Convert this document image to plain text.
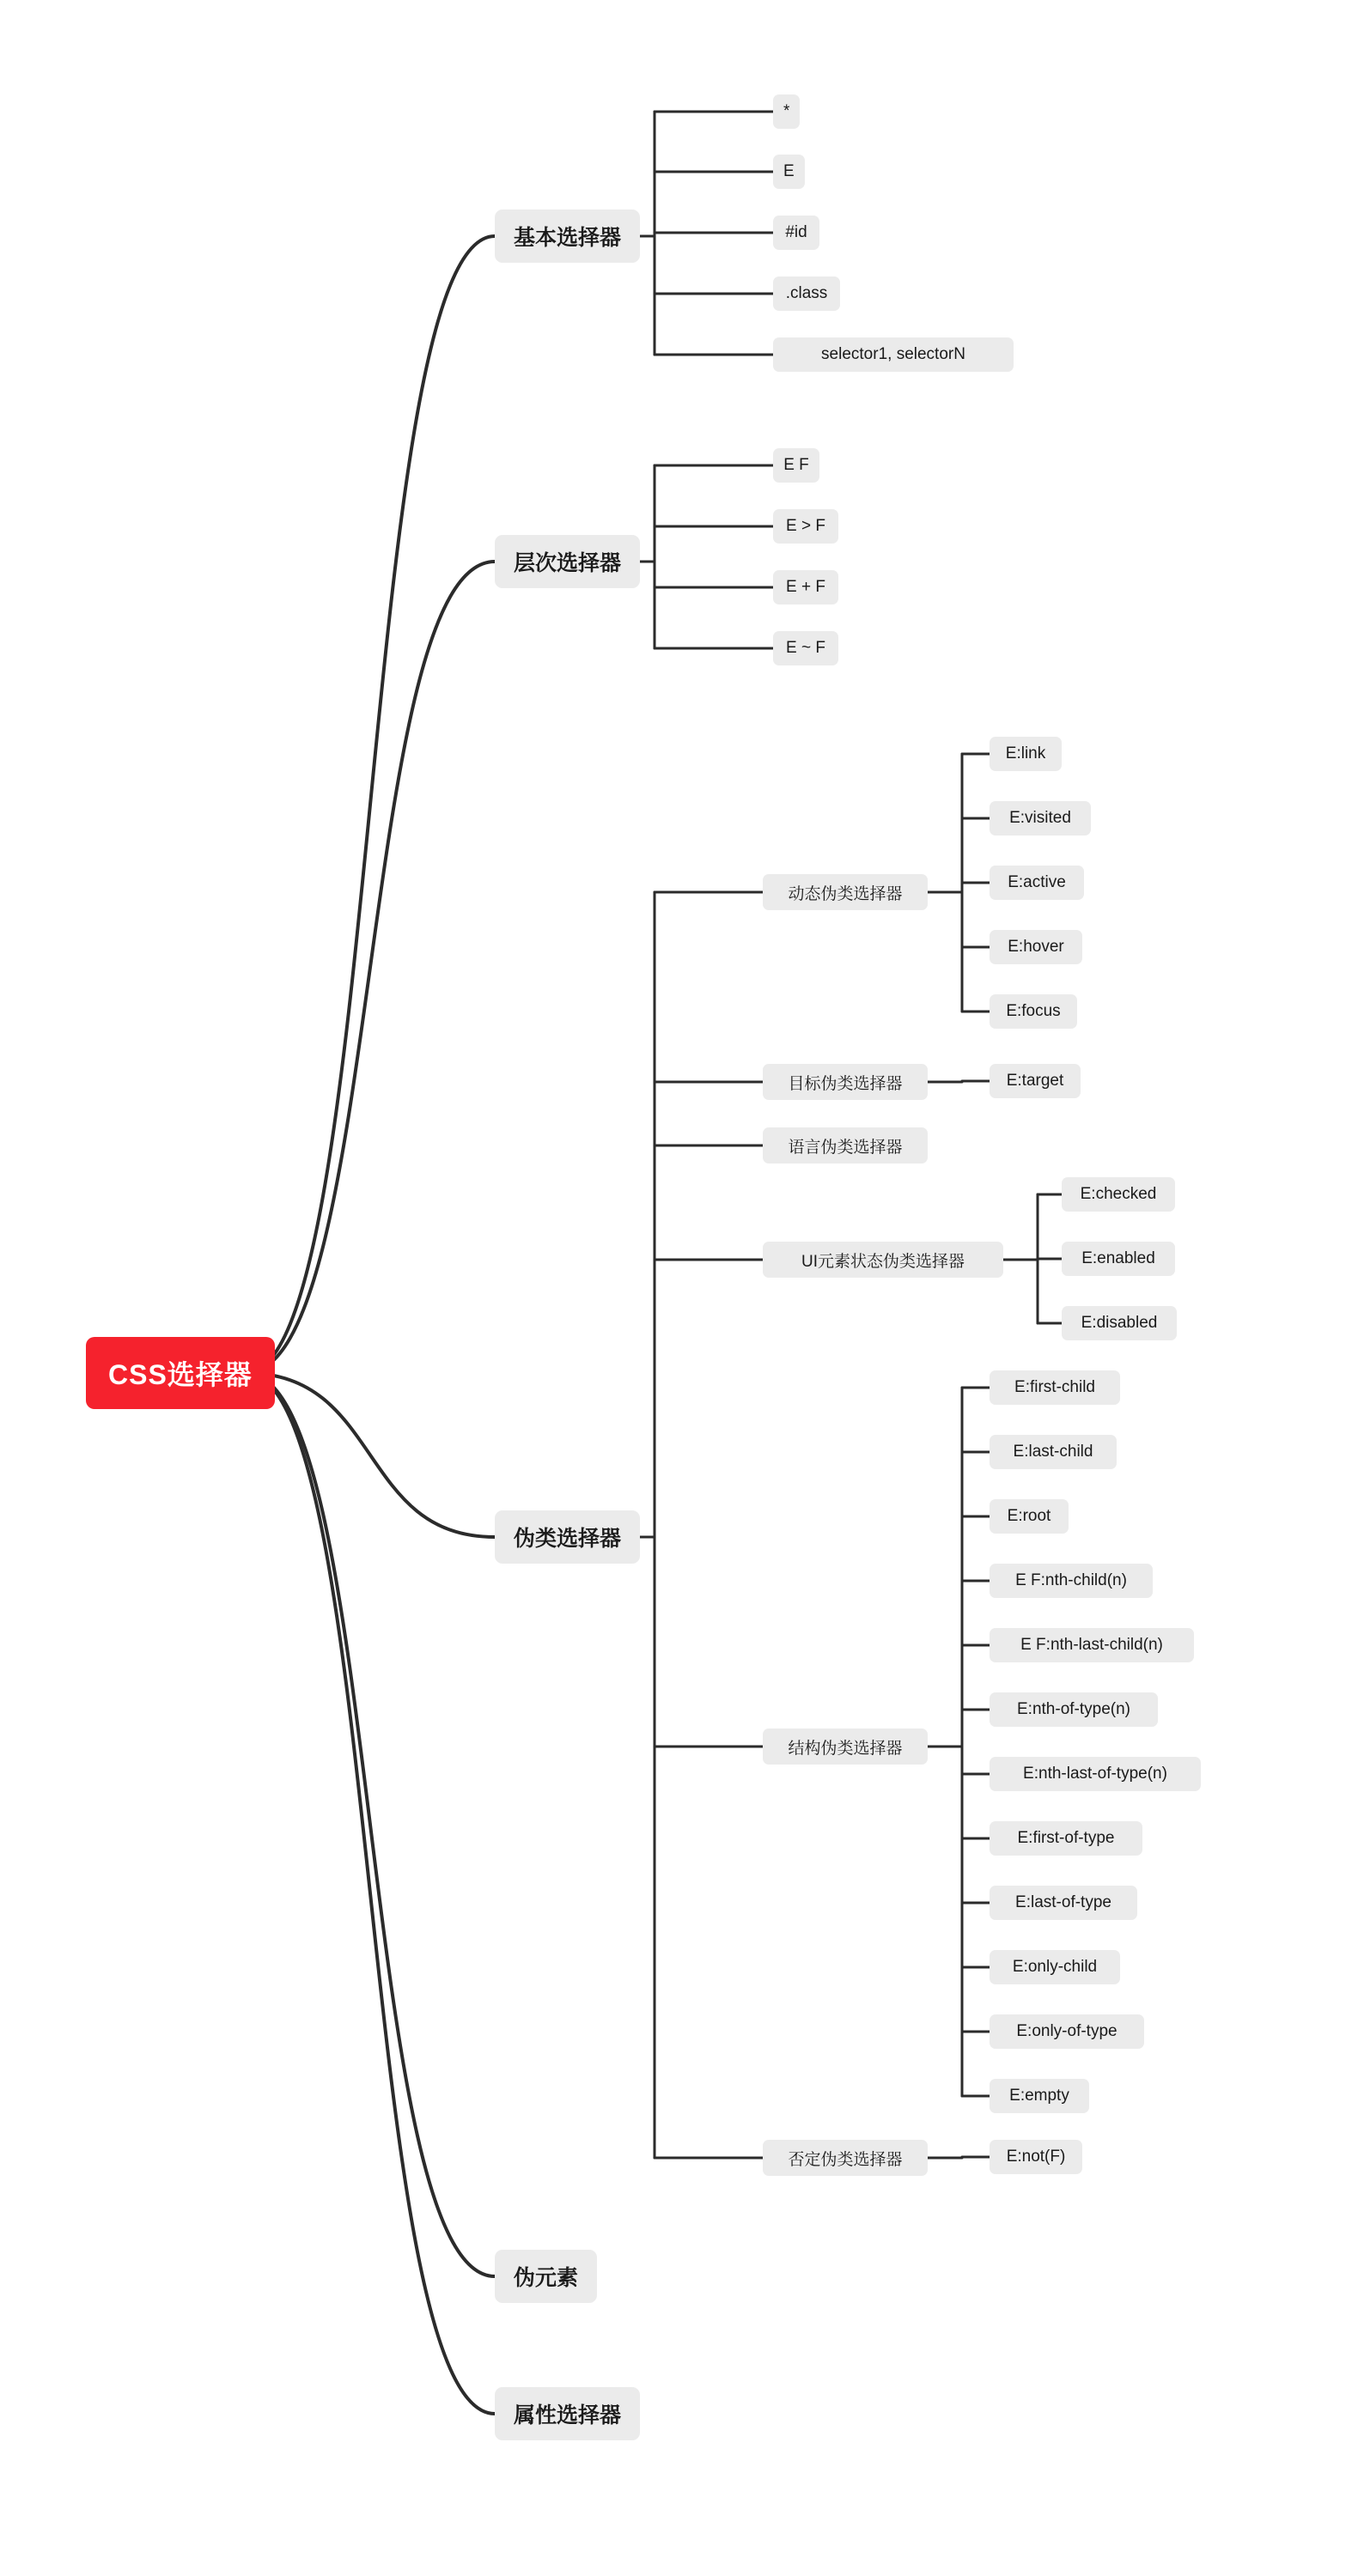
CSS选择器
基本选择器
*
E
#id
.class
selector1, selectorN
层次选择器
E F
E > F
E + F
E ~ F
伪类选择器
动态伪类选择器
E:link
E:visited
E:active
E:hover
E:focus
目标伪类选择器	E:target
语言伪类选择器
UI元素状态伪类选择器
E:checked
E:enabled
E:disabled
结构伪类选择器
E:first-child
E:last-child
E:root
E F:nth-child(n)
E F:nth-last-child(n)
E:nth-of-type(n)
E:nth-last-of-type(n)
E:first-of-type
E:last-of-type
E:only-child
E:only-of-type
E:empty
否定伪类选择器	E:not(F)
伪元素
属性选择器
